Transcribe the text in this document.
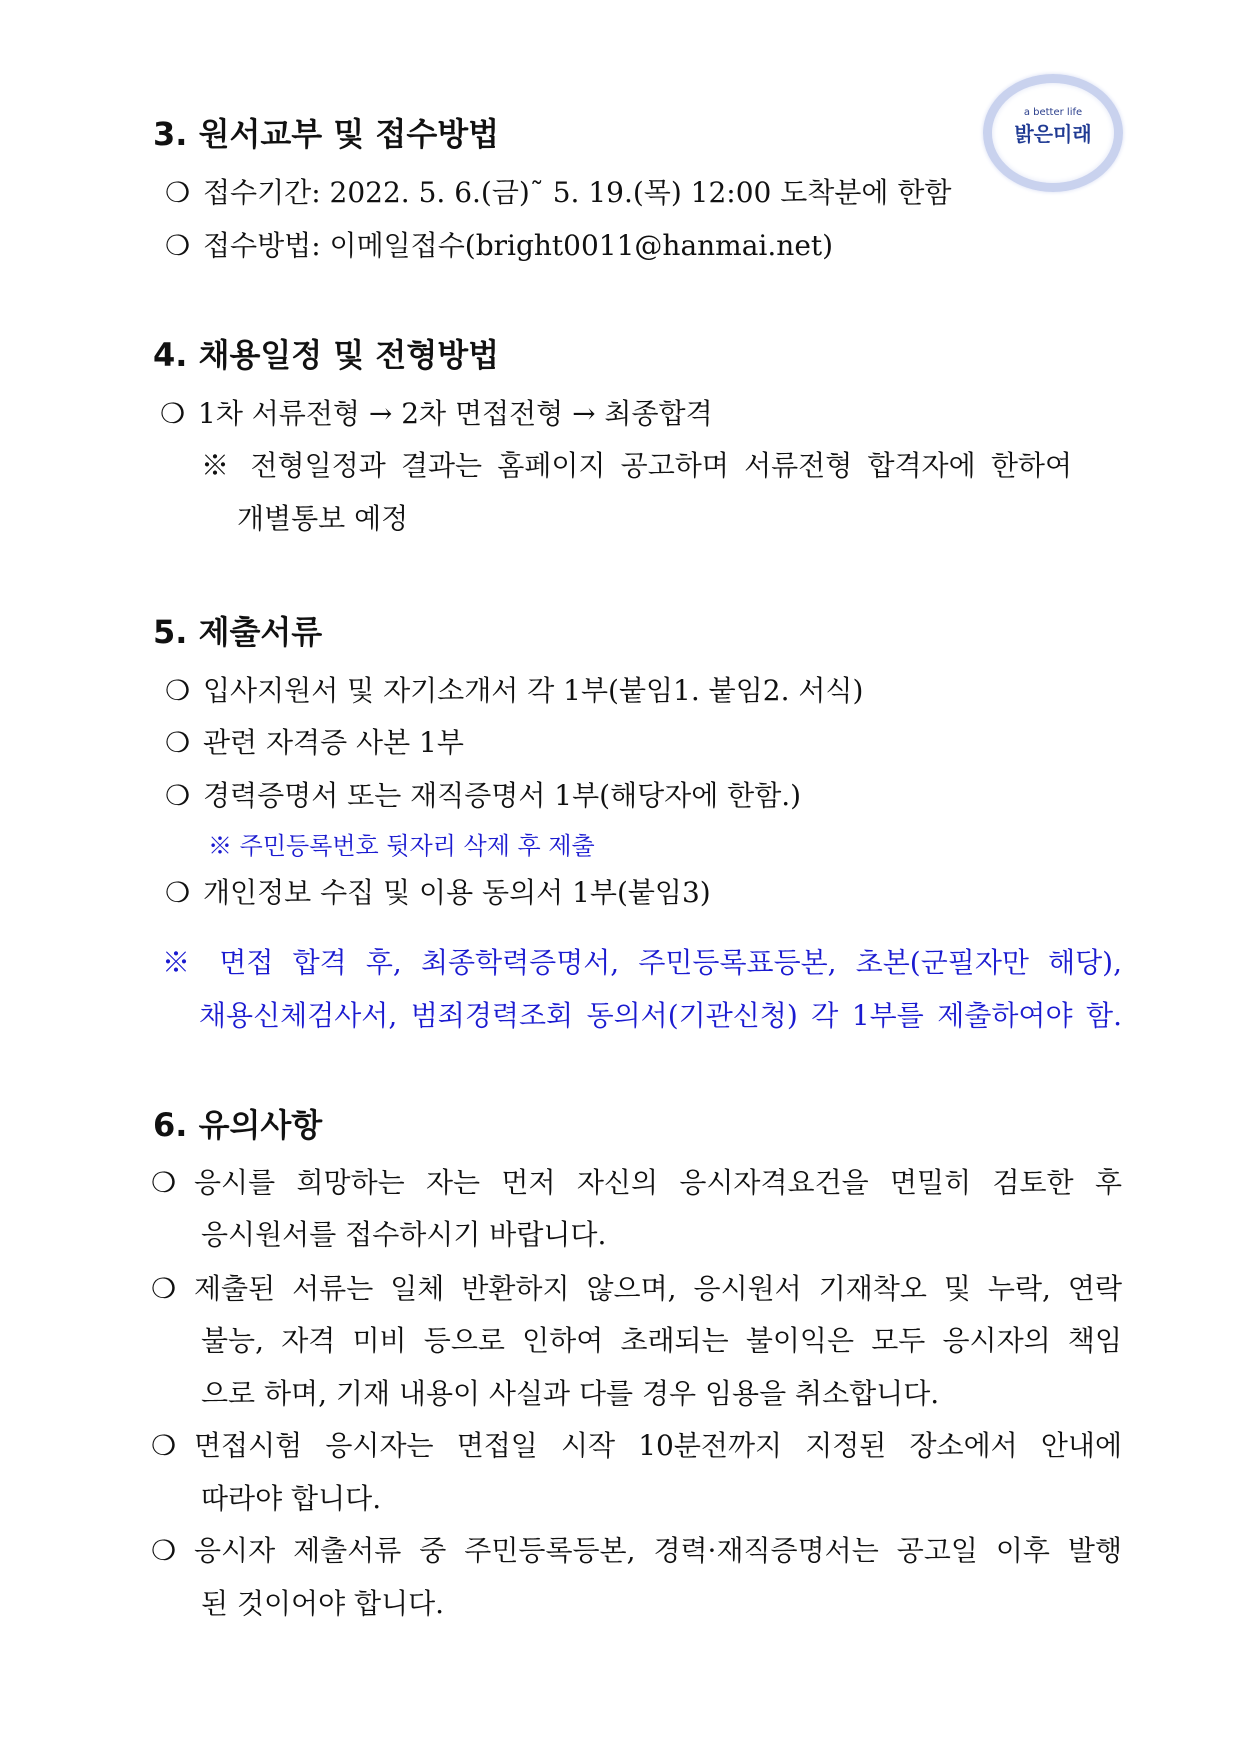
a better life
밝은미래
3. 원서교부 및 접수방법
❍ 접수기간: 2022. 5. 6.(금)˜ 5. 19.(목) 12:00 도착분에 한함
❍ 접수방법: 이메일접수(bright0011@hanmai.net)
4. 채용일정 및 전형방법
❍ 1차 서류전형 → 2차 면접전형 → 최종합격
※ 전형일정과 결과는 홈페이지 공고하며 서류전형 합격자에 한하여
개별통보 예정
5. 제출서류
❍ 입사지원서 및 자기소개서 각 1부(붙임1. 붙임2. 서식)
❍ 관련 자격증 사본 1부
❍ 경력증명서 또는 재직증명서 1부(해당자에 한함.)
※ 주민등록번호 뒷자리 삭제 후 제출
❍ 개인정보 수집 및 이용 동의서 1부(붙임3)
※ 면접 합격 후, 최종학력증명서, 주민등록표등본, 초본(군필자만 해당),
채용신체검사서, 범죄경력조회 동의서(기관신청) 각 1부를 제출하여야 함.
6. 유의사항
❍ 응시를 희망하는 자는 먼저 자신의 응시자격요건을 면밀히 검토한 후
응시원서를 접수하시기 바랍니다.
❍ 제출된 서류는 일체 반환하지 않으며, 응시원서 기재착오 및 누락, 연락
불능, 자격 미비 등으로 인하여 초래되는 불이익은 모두 응시자의 책임
으로 하며, 기재 내용이 사실과 다를 경우 임용을 취소합니다.
❍ 면접시험 응시자는 면접일 시작 10분전까지 지정된 장소에서 안내에
따라야 합니다.
❍ 응시자 제출서류 중 주민등록등본, 경력·재직증명서는 공고일 이후 발행
된 것이어야 합니다.
